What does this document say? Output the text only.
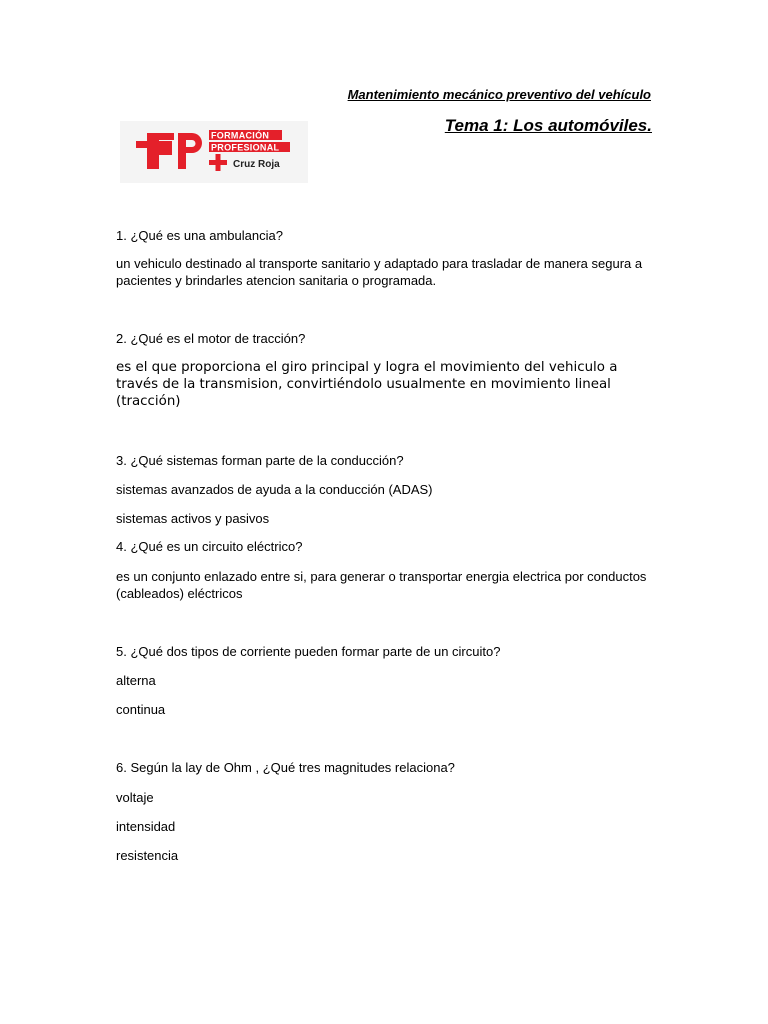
Mantenimiento mecánico preventivo del vehículo
Tema 1: Los automóviles.
FORMACIÓN
PROFESIONAL
Cruz Roja
1. ¿Qué es una ambulancia?
un vehiculo destinado al transporte sanitario y adaptado para trasladar de manera segura a pacientes y brindarles atencion sanitaria o programada.
2. ¿Qué es el motor de tracción?
es el que proporciona el giro principal y logra el movimiento del vehiculo a través de la transmision, convirtiéndolo usualmente en movimiento lineal (tracción)
3. ¿Qué sistemas forman parte de la conducción?
sistemas avanzados de ayuda a la conducción (ADAS)
sistemas activos y pasivos
4. ¿Qué es un circuito eléctrico?
es un conjunto enlazado entre si, para generar o transportar energia electrica por conductos (cableados) eléctricos
5. ¿Qué dos tipos de corriente pueden formar parte de un circuito?
alterna
continua
6. Según la lay de Ohm , ¿Qué tres magnitudes relaciona?
voltaje
intensidad
resistencia
